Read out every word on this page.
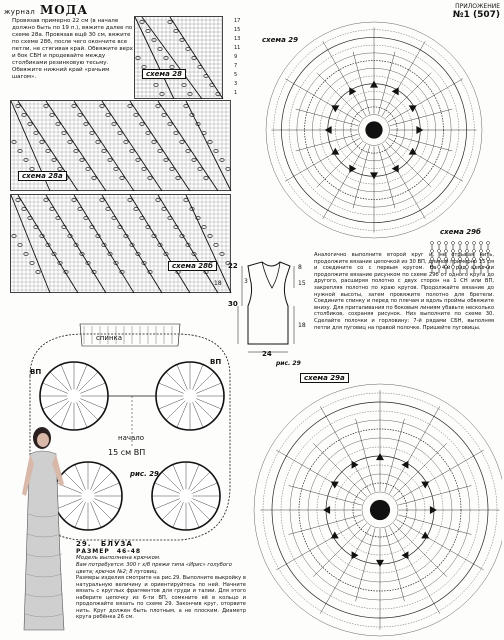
журнал МОДА	ПРИЛОЖЕНИЕ
№1 (507)
Провязав примерно 22 см (в начале должно быть по 19 п.), вяжите далее по схеме 28а. Провязав ещё 30 см, вяжите по схеме 28б, после чего окончите все петли, не стягивая край. Обвяжите верх и бок СБН и продевайте между столбиками резинковую тесьму. Обвяжите нижний край «рачьим шагом».
17
15
13
11
9
7
5
3
1
схема 28
схема 28а
схема 28б
схема 29
схема 29б
22
3
18
30
24
8
15
18
рис. 29
Аналогично выполните второй круг и, не отрывая нить, продолжите вязание цепочкой из 30 ВП, длиной примерно 15 см и соедините со с первым кругом. На 4-й ряд цепочки продолжите вязание рисунком по схеме 29б от одного круга до другого, расширяя полотно с двух сторон на 1 СН или ВП, закрепляя полотно по краю кругов. Продолжайте вязание до нужной высоты, затем провяжите полотно для бретели. Соедините спинку и перед по плечам и вдоль проймы обвяжите внизу. Для приталивания по боковым линиям убавьте несколько столбиков, сохраняя рисунок. Низ выполните по схеме 30. Сделайте полочки и горловину: 7-й рядами СБН, выполняя петли для пуговиц на правой полочке. Пришейте пуговицы.
спинка
ВП
ВП
начало
15 см ВП
рис. 29
схема 29а
29. БЛУЗА
РАЗМЕР 46-48
Модель выполнена крючком.
Вам потребуется: 300 г х/б пряжи типа «Ирис» голубого цвета; крючок №2; 8 пуговиц.
Размеры изделия смотрите на рис.29. Выполните выкройку в натуральную величину и ориентируйтесь по ней. Начните вязать с круглых фрагментов для груди и талии. Для этого наберите цепочку из 6-ти ВП, сомкните её в кольцо и продолжайте вязать по схеме 29. Закончив круг, оторвите нить. Круг должен быть плотным, а не плоским. Диаметр круга ребёнка 26 см.
